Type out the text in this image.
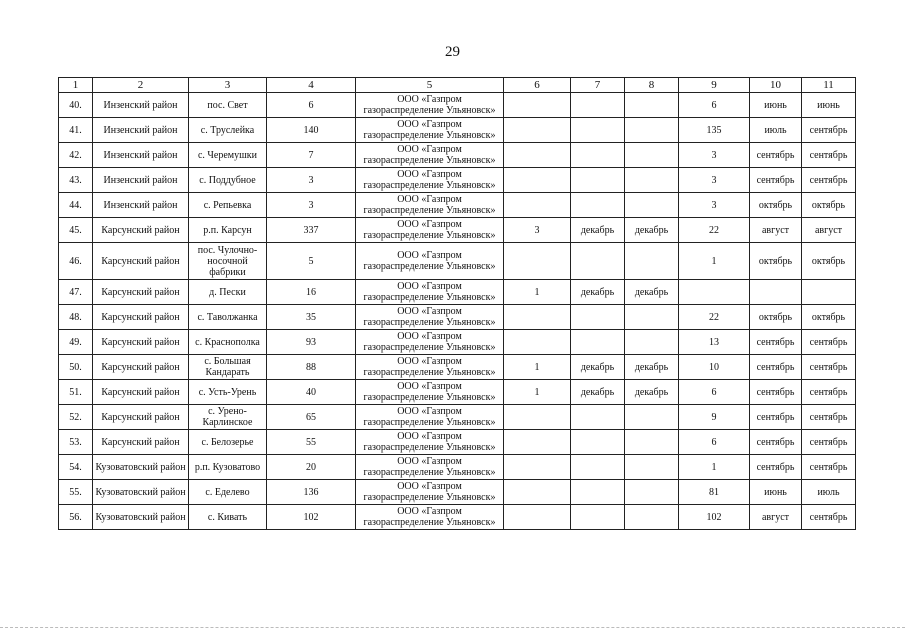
29
1	2	3	4	5	6	7	8	9	10	11
40.	Инзенский район	пос. Свет	6	ООО «Газпром газораспределение Ульяновск»				6	июнь	июнь
41.	Инзенский район	с. Труслейка	140	ООО «Газпром газораспределение Ульяновск»				135	июль	сентябрь
42.	Инзенский район	с. Черемушки	7	ООО «Газпром газораспределение Ульяновск»				3	сентябрь	сентябрь
43.	Инзенский район	с. Поддубное	3	ООО «Газпром газораспределение Ульяновск»				3	сентябрь	сентябрь
44.	Инзенский район	с. Репьевка	3	ООО «Газпром газораспределение Ульяновск»				3	октябрь	октябрь
45.	Карсунский район	р.п. Карсун	337	ООО «Газпром газораспределение Ульяновск»	3	декабрь	декабрь	22	август	август
46.	Карсунский район	пос. Чулочно-носочной фабрики	5	ООО «Газпром газораспределение Ульяновск»				1	октябрь	октябрь
47.	Карсунский район	д. Пески	16	ООО «Газпром газораспределение Ульяновск»	1	декабрь	декабрь			
48.	Карсунский район	с. Таволжанка	35	ООО «Газпром газораспределение Ульяновск»				22	октябрь	октябрь
49.	Карсунский район	с. Краснополка	93	ООО «Газпром газораспределение Ульяновск»				13	сентябрь	сентябрь
50.	Карсунский район	с. Большая Кандарать	88	ООО «Газпром газораспределение Ульяновск»	1	декабрь	декабрь	10	сентябрь	сентябрь
51.	Карсунский район	с. Усть-Урень	40	ООО «Газпром газораспределение Ульяновск»	1	декабрь	декабрь	6	сентябрь	сентябрь
52.	Карсунский район	с. Урено-Карлинское	65	ООО «Газпром газораспределение Ульяновск»				9	сентябрь	сентябрь
53.	Карсунский район	с. Белозерье	55	ООО «Газпром газораспределение Ульяновск»				6	сентябрь	сентябрь
54.	Кузоватовский район	р.п. Кузоватово	20	ООО «Газпром газораспределение Ульяновск»				1	сентябрь	сентябрь
55.	Кузоватовский район	с. Еделево	136	ООО «Газпром газораспределение Ульяновск»				81	июнь	июль
56.	Кузоватовский район	с. Кивать	102	ООО «Газпром газораспределение Ульяновск»				102	август	сентябрь
